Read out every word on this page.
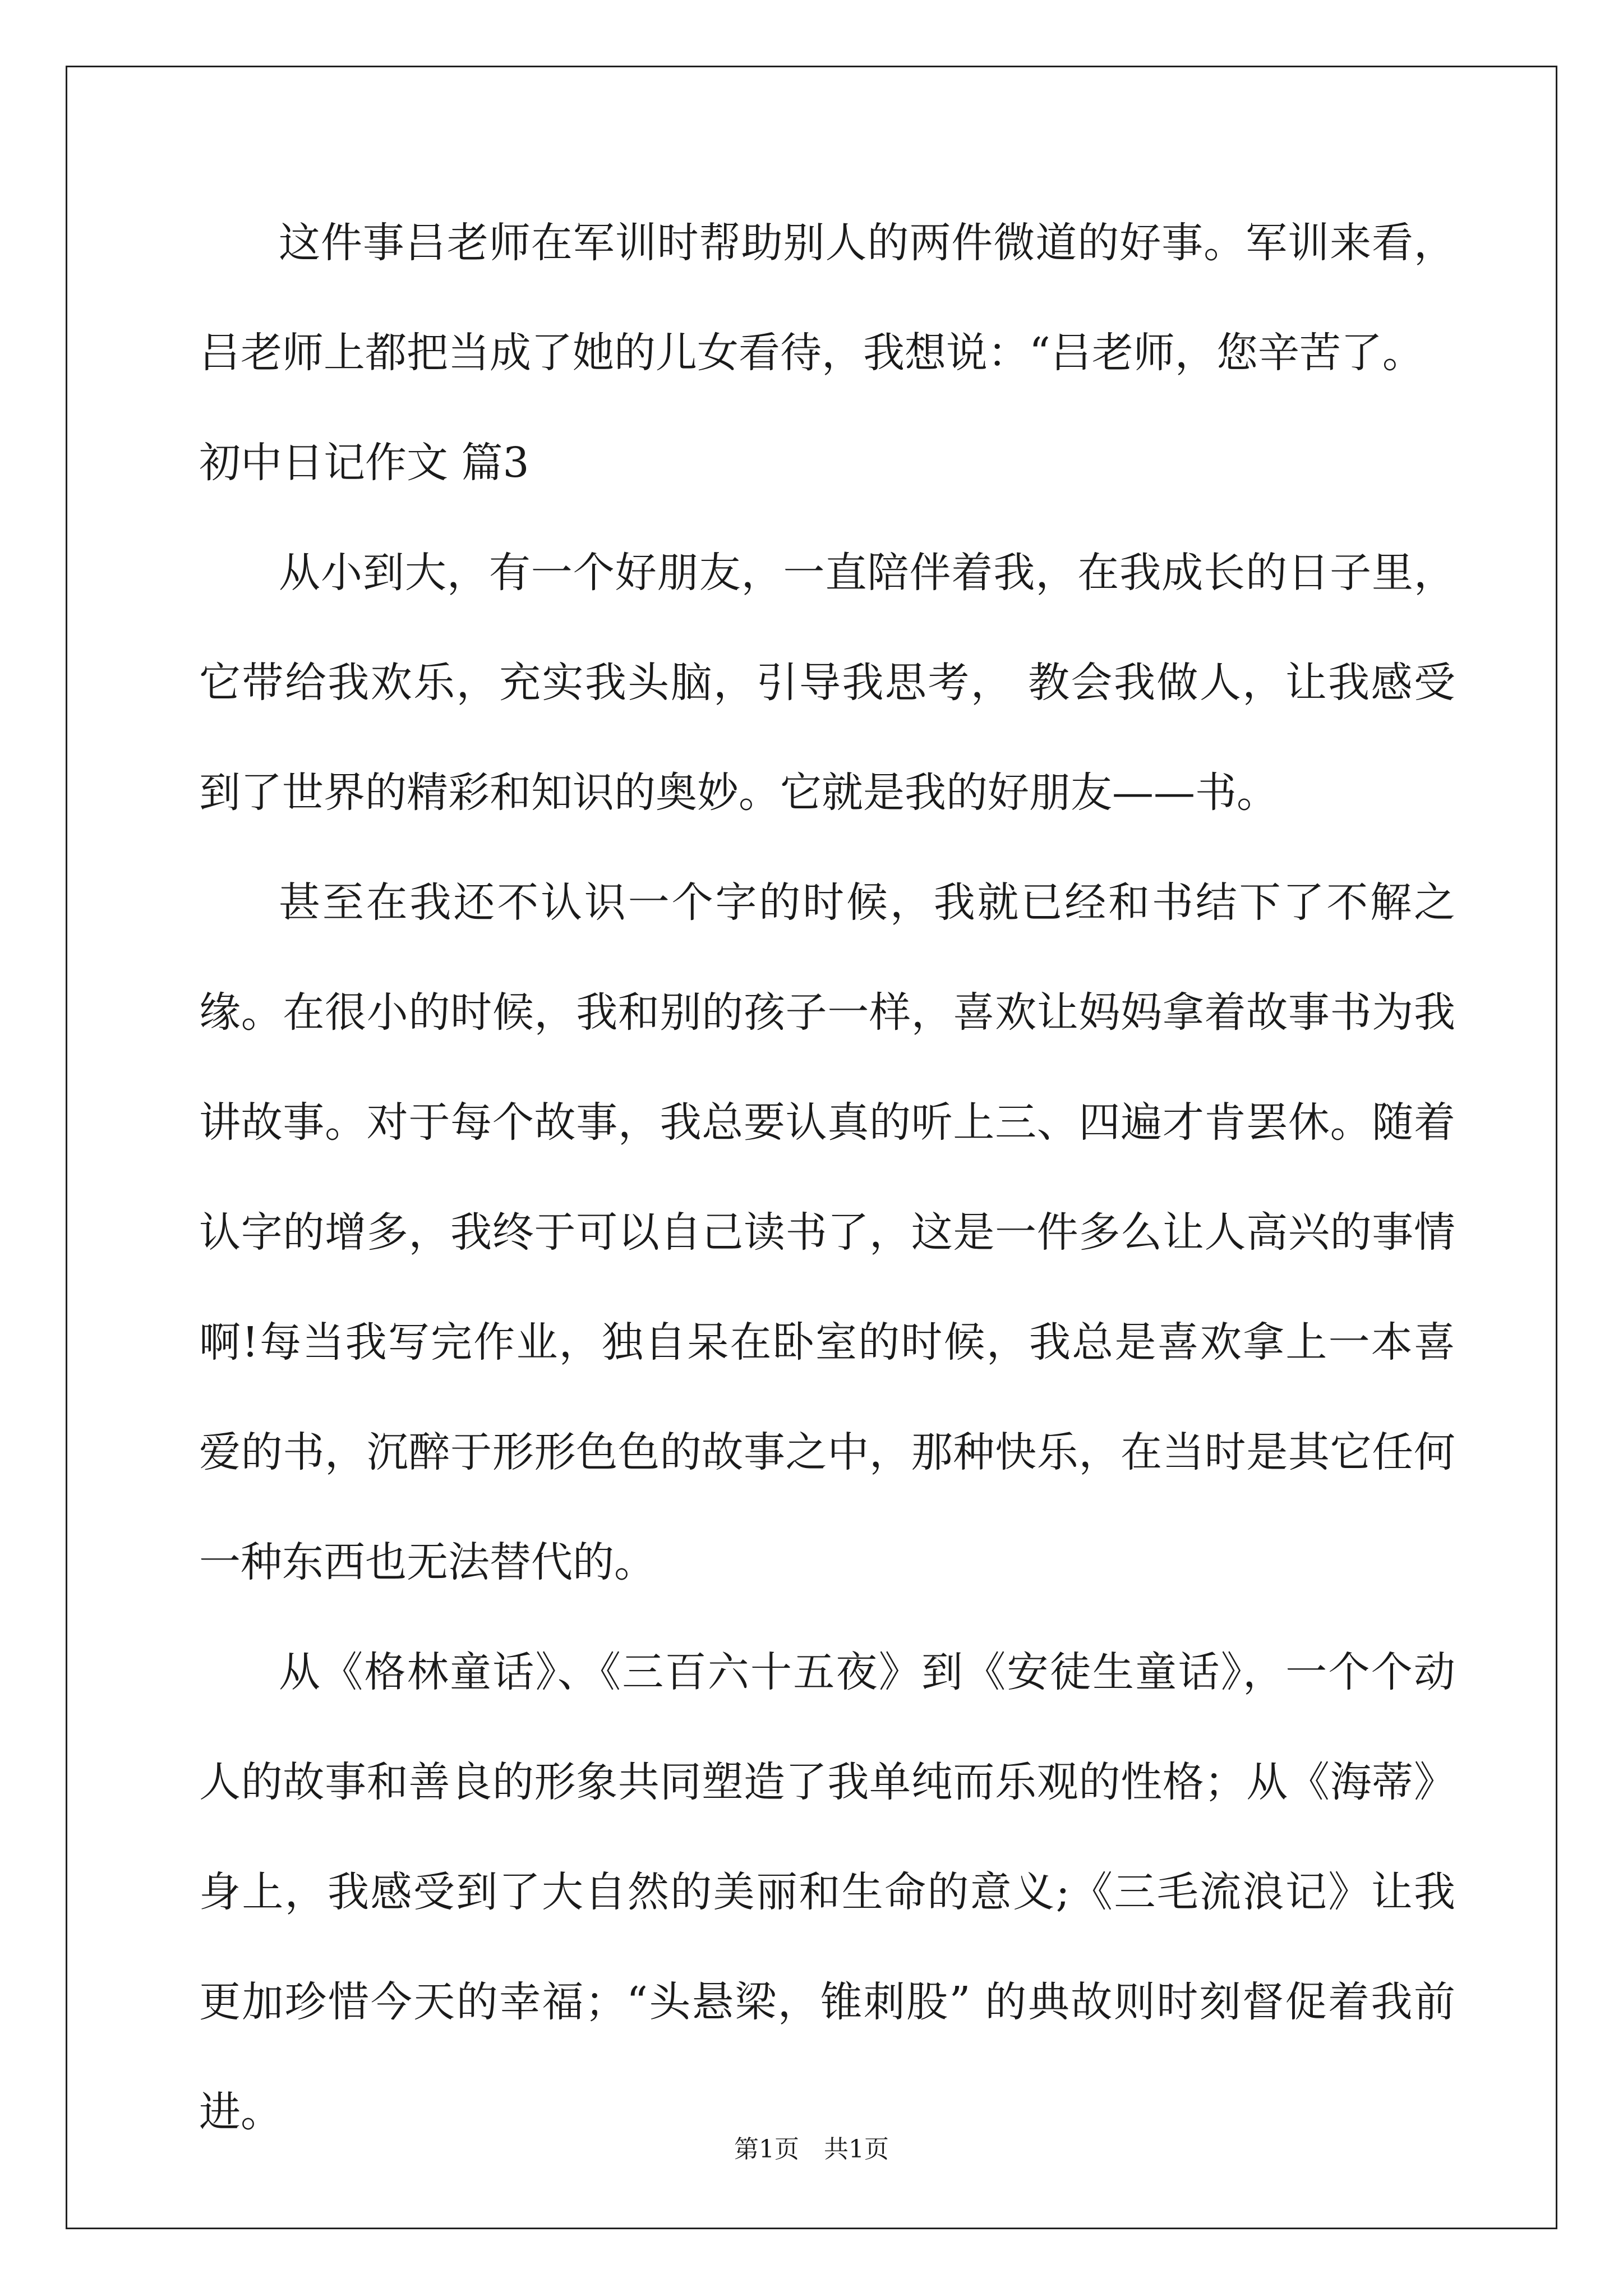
这件事吕老师在军训时帮助别人的两件微道的好事。军训来看，吕老师上都把当成了她的儿女看待，我想说：“吕老师，您辛苦了。

初中日记作文 篇3

从小到大，有一个好朋友，一直陪伴着我，在我成长的日子里，它带给我欢乐，充实我头脑，引导我思考， 教会我做人，让我感受到了世界的精彩和知识的奥妙。它就是我的好朋友——书。

甚至在我还不认识一个字的时候，我就已经和书结下了不解之缘。在很小的时候，我和别的孩子一样，喜欢让妈妈拿着故事书为我讲故事。对于每个故事，我总要认真的听上三、四遍才肯罢休。随着认字的增多，我终于可以自己读书了，这是一件多么让人高兴的事情啊!每当我写完作业，独自呆在卧室的时候，我总是喜欢拿上一本喜爱的书，沉醉于形形色色的故事之中，那种快乐，在当时是其它任何一种东西也无法替代的。

从《格林童话》、《三百六十五夜》到《安徒生童话》，一个个动人的故事和善良的形象共同塑造了我单纯而乐观的性格；从《海蒂》身上，我感受到了大自然的美丽和生命的意义;《三毛流浪记》让我更加珍惜今天的幸福；“头悬梁，锥刺股” 的典故则时刻督促着我前进。

第1页　共1页
